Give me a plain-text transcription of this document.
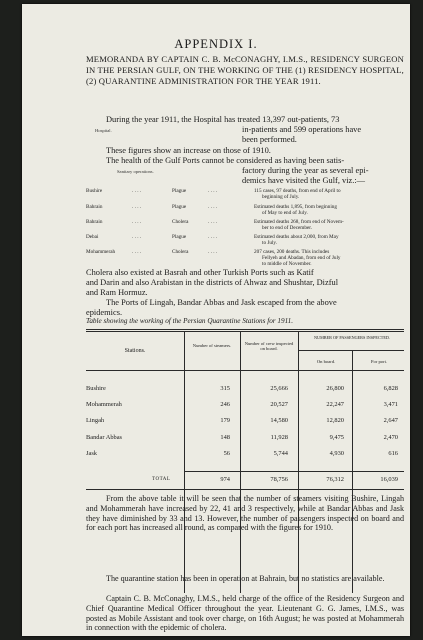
APPENDIX I.
MEMORANDA BY CAPTAIN C. B. McCONAGHY, I.M.S., RESIDENCY SURGEON IN THE PERSIAN GULF, ON THE WORKING OF THE (1) RESIDENCY HOSPITAL, (2) QUARANTINE ADMINISTRATION FOR THE YEAR 1911.
During the year 1911, the Hospital has treated 13,397 out-patients, 73
Hospital.	in-patients and 599 operations have
been performed.
These figures show an increase on those of 1910.
The health of the Gulf Ports cannot be considered as having been satis-
Sanitary operations.	factory during the year as several epi-
demics have visited the Gulf, viz.:—
Bushire	. . . .	Plague	. . . .	115 cases, 97 deaths, from end of April to
beginning of July.
Bahrain	. . . .	Plague	. . . .	Estimated deaths 1,895, from beginning
of May to end of July.
Bahrain	. . . .	Cholera	. . . .	Estimated deaths 268, from end of Novem-
ber to end of December.
Debai	. . . .	Plague	. . . .	Estimated deaths about 2,000, from May
to July.
Mohammerah	. . . .	Cholera	. . . .	207 cases, 200 deaths. This includes
Fellyeh and Abadan, from end of July
to middle of November.
Cholera also existed at Basrah and other Turkish Ports such as Katif
and Darin and also Arabistan in the districts of Ahwaz and Shushtar, Dizful
and Ram Hormuz.
The Ports of Lingah, Bandar Abbas and Jask escaped from the above
epidemics.
Table showing the working of the Persian Quarantine Stations for 1911.
Stations.
Number of steamers.	Number of crew inspected on board.
NUMBER OF PASSENGERS INSPECTED.
On board.	For port.
Bushire	315	25,666	26,800	6,828
Mohammerah	246	20,527	22,247	3,471
Lingah	179	14,580	12,820	2,647
Bandar Abbas	148	11,928	9,475	2,470
Jask	56	5,744	4,930	616
TOTAL	974	78,756	76,312	16,039
From the above table it will be seen that the number of steamers visiting Bushire, Lingah and Mohammerah have increased by 22, 41 and 3 respectively, while at Bandar Abbas and Jask they have diminished by 33 and 13. However, the number of passengers inspected on board and for each port has increased all round, as compared with the figures for 1910.
The quarantine station has been in operation at Bahrain, but no statistics are available.
Captain C. B. McConaghy, I.M.S., held charge of the office of the Residency Surgeon and Chief Quarantine Medical Officer throughout the year. Lieutenant G. G. James, I.M.S., was posted as Mobile Assistant and took over charge, on 16th August; he was posted at Mohammerah in connection with the epidemic of cholera.
